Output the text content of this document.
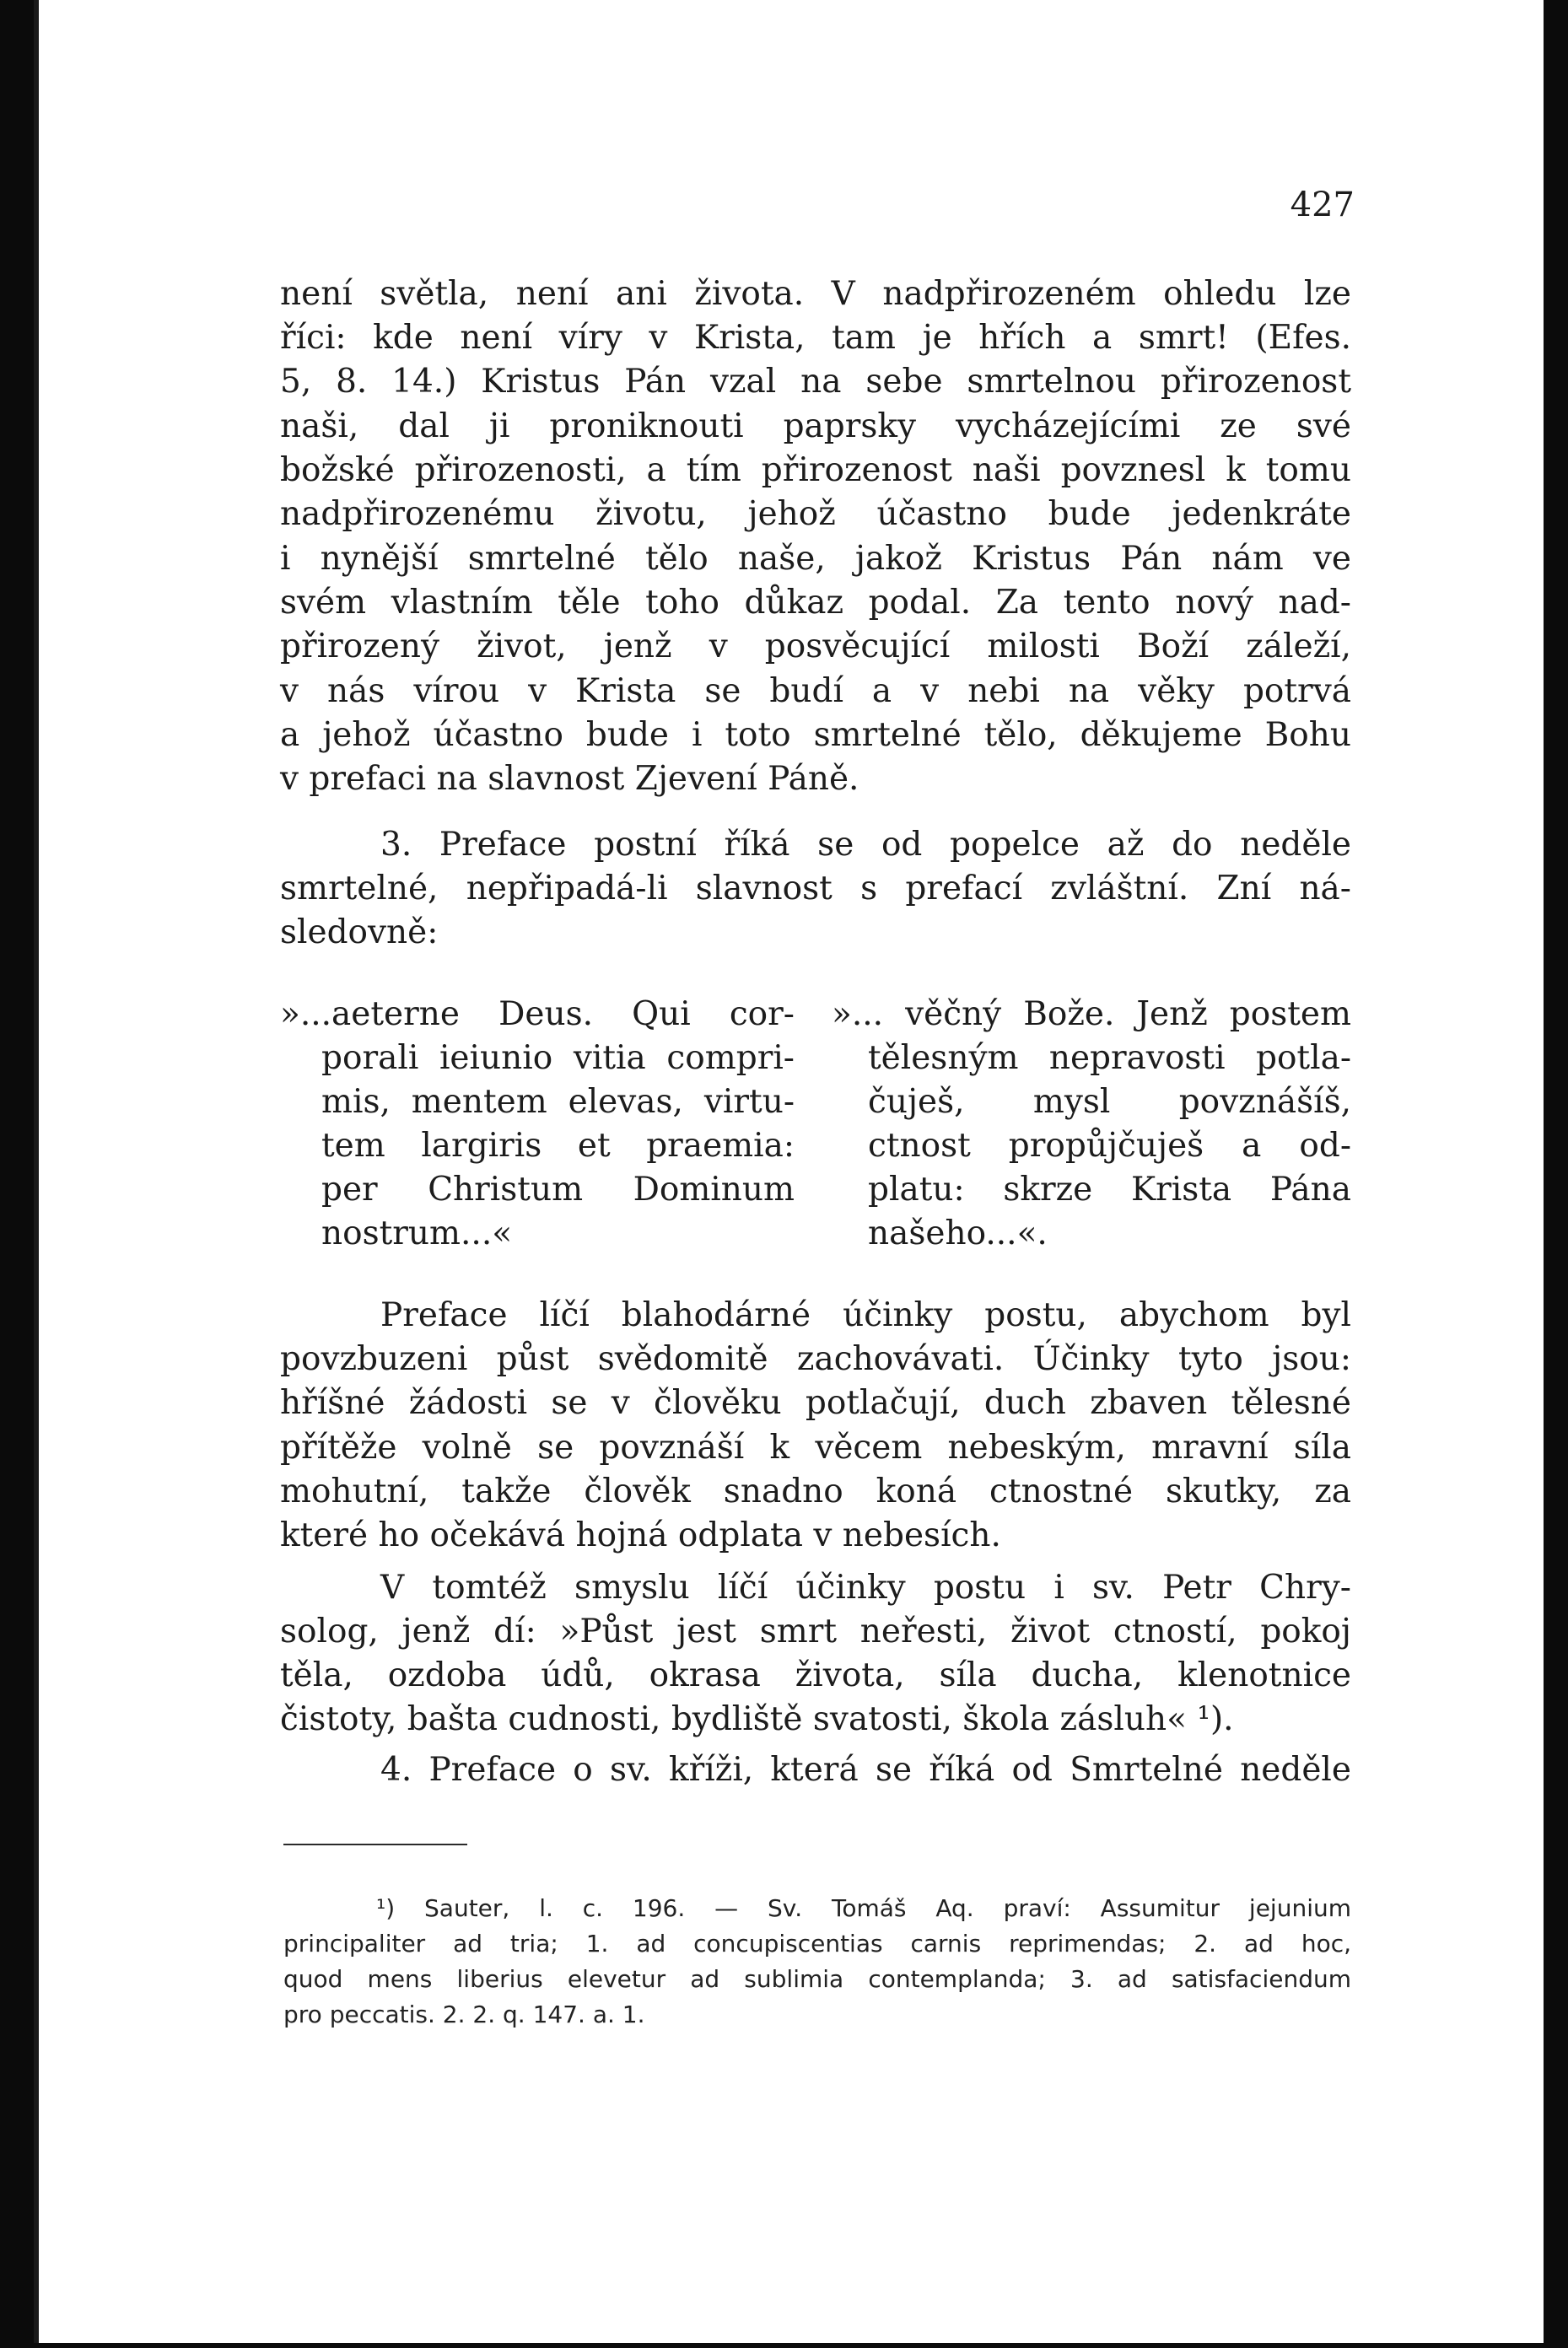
427
není světla, není ani života. V nadpřirozeném ohledu lze
říci: kde není víry v Krista, tam je hřích a smrt! (Efes.
5, 8. 14.) Kristus Pán vzal na sebe smrtelnou přirozenost
naši, dal ji proniknouti paprsky vycházejícími ze své
božské přirozenosti, a tím přirozenost naši povznesl k tomu
nadpřirozenému životu, jehož účastno bude jedenkráte
i nynější smrtelné tělo naše, jakož Kristus Pán nám ve
svém vlastním těle toho důkaz podal. Za tento nový nad-
přirozený život, jenž v posvěcující milosti Boží záleží,
v nás vírou v Krista se budí a v nebi na věky potrvá
a jehož účastno bude i toto smrtelné tělo, děkujeme Bohu
v prefaci na slavnost Zjevení Páně.
3. Preface postní říká se od popelce až do neděle
smrtelné, nepřipadá-li slavnost s prefací zvláštní. Zní ná-
sledovně:
»...aeterne Deus. Qui cor-
porali ieiunio vitia compri-
mis, mentem elevas, virtu-
tem largiris et praemia:
per Christum Dominum
nostrum...«
»... věčný Bože. Jenž postem
tělesným nepravosti potla-
čuješ, mysl povznášíš,
ctnost propůjčuješ a od-
platu: skrze Krista Pána
našeho...«.
Preface líčí blahodárné účinky postu, abychom byl
povzbuzeni půst svědomitě zachovávati. Účinky tyto jsou:
hříšné žádosti se v člověku potlačují, duch zbaven tělesné
přítěže volně se povznáší k věcem nebeským, mravní síla
mohutní, takže člověk snadno koná ctnostné skutky, za
které ho očekává hojná odplata v nebesích.
V tomtéž smyslu líčí účinky postu i sv. Petr Chry-
solog, jenž dí: »Půst jest smrt neřesti, život ctností, pokoj
těla, ozdoba údů, okrasa života, síla ducha, klenotnice
čistoty, bašta cudnosti, bydliště svatosti, škola zásluh« ¹).
4. Preface o sv. kříži, která se říká od Smrtelné neděle
¹) Sauter, l. c. 196. — Sv. Tomáš Aq. praví: Assumitur jejunium
principaliter ad tria; 1. ad concupiscentias carnis reprimendas; 2. ad hoc,
quod mens liberius elevetur ad sublimia contemplanda; 3. ad satisfaciendum
pro peccatis. 2. 2. q. 147. a. 1.
